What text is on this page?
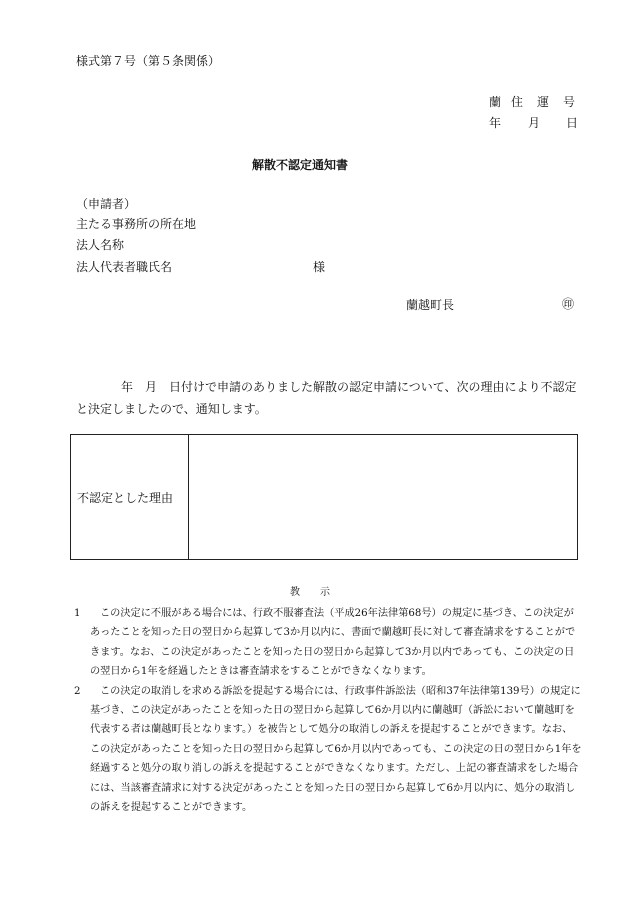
様式第７号（第５条関係）
蘭 住 運 号
年 月 日
解散不認定通知書
（申請者）
主たる事務所の所在地
法人名称
法人代表者職氏名	様
蘭越町長	㊞
年　月　日付けで申請のありました解散の認定申請について、次の理由により不認定と決定しましたので、通知します。
不認定とした理由	
教　　示
1	この決定に不服がある場合には、行政不服審査法（平成26年法律第68号）の規定に基づき、この決定があったことを知った日の翌日から起算して3か月以内に、書面で蘭越町長に対して審査請求をすることができます。なお、この決定があったことを知った日の翌日から起算して3か月以内であっても、この決定の日の翌日から1年を経過したときは審査請求をすることができなくなります。
2	この決定の取消しを求める訴訟を提起する場合には、行政事件訴訟法（昭和37年法律第139号）の規定に基づき、この決定があったことを知った日の翌日から起算して6か月以内に蘭越町（訴訟において蘭越町を代表する者は蘭越町長となります。）を被告として処分の取消しの訴えを提起することができます。なお、この決定があったことを知った日の翌日から起算して6か月以内であっても、この決定の日の翌日から1年を経過すると処分の取り消しの訴えを提起することができなくなります。ただし、上記の審査請求をした場合には、当該審査請求に対する決定があったことを知った日の翌日から起算して6か月以内に、処分の取消しの訴えを提起することができます。
